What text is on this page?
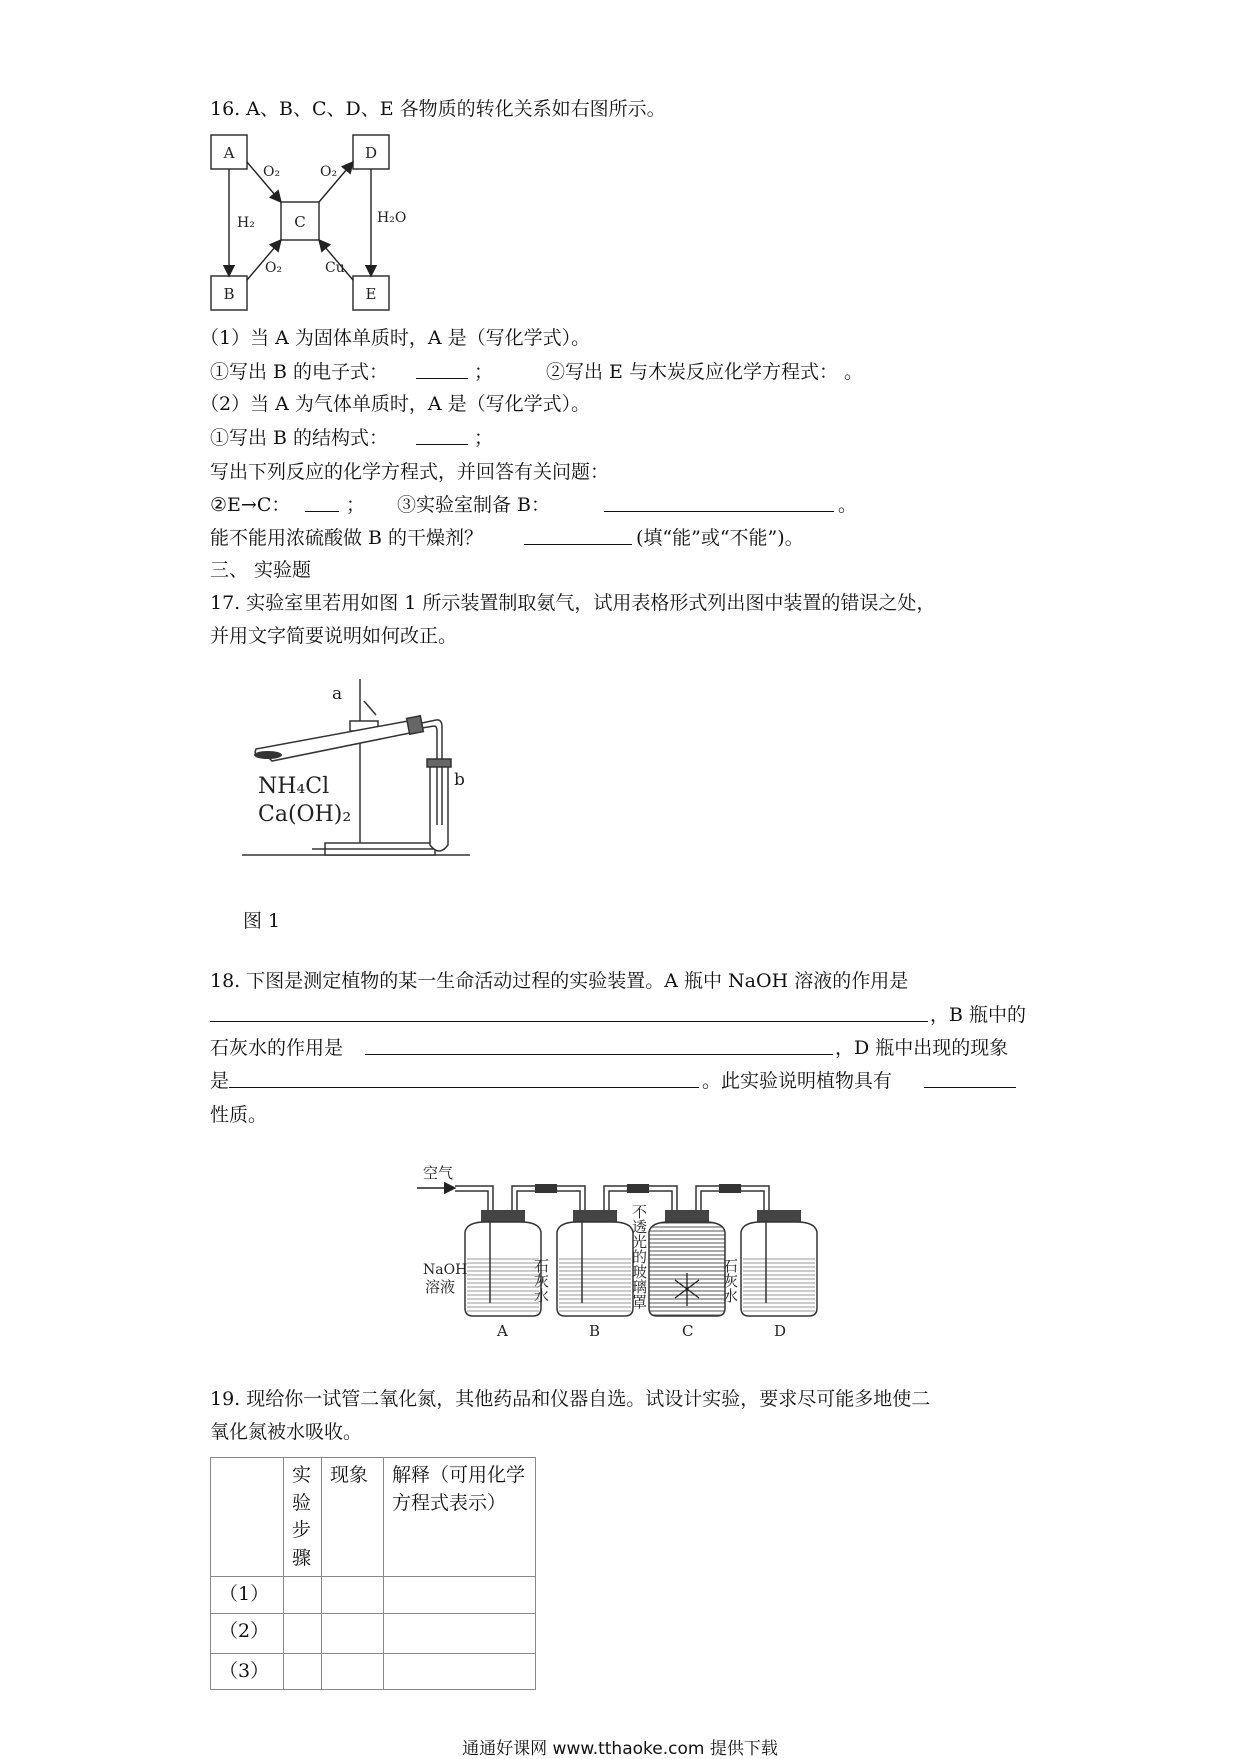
16. A、B、C、D、E 各物质的转化关系如右图所示。
A
B
C
D
E
O₂	O₂
H₂	H₂O
O₂	Cu
（1）当 A 为固体单质时，A 是（写化学式）。
①写出 B 的电子式：	；	②写出 E 与木炭反应化学方程式： 。
（2）当 A 为气体单质时，A 是（写化学式）。
①写出 B 的结构式：	；
写出下列反应的化学方程式，并回答有关问题：
②E→C：	； ③实验室制备 B：	。
能不能用浓硫酸做 B 的干燥剂？	(填“能”或“不能”)。
三、 实验题
17. 实验室里若用如图 1 所示装置制取氨气，试用表格形式列出图中装置的错误之处，
并用文字简要说明如何改正。
a
b
NH₄Cl
Ca(OH)₂
图 1
18. 下图是测定植物的某一生命活动过程的实验装置。A 瓶中 NaOH 溶液的作用是
，B 瓶中的
石灰水的作用是	，D 瓶中出现的现象
是	。此实验说明植物具有
性质。
空气
NaOH
溶液	石灰水	不透光的玻璃罩	石灰水
A	B	C	D
19. 现给你一试管二氧化氮，其他药品和仪器自选。试设计实验，要求尽可能多地使二
氧化氮被水吸收。
	实验步骤	现象	解释（可用化学方程式表示）
（1）			
（2）			
（3）			
通通好课网 www.tthaoke.com 提供下载
